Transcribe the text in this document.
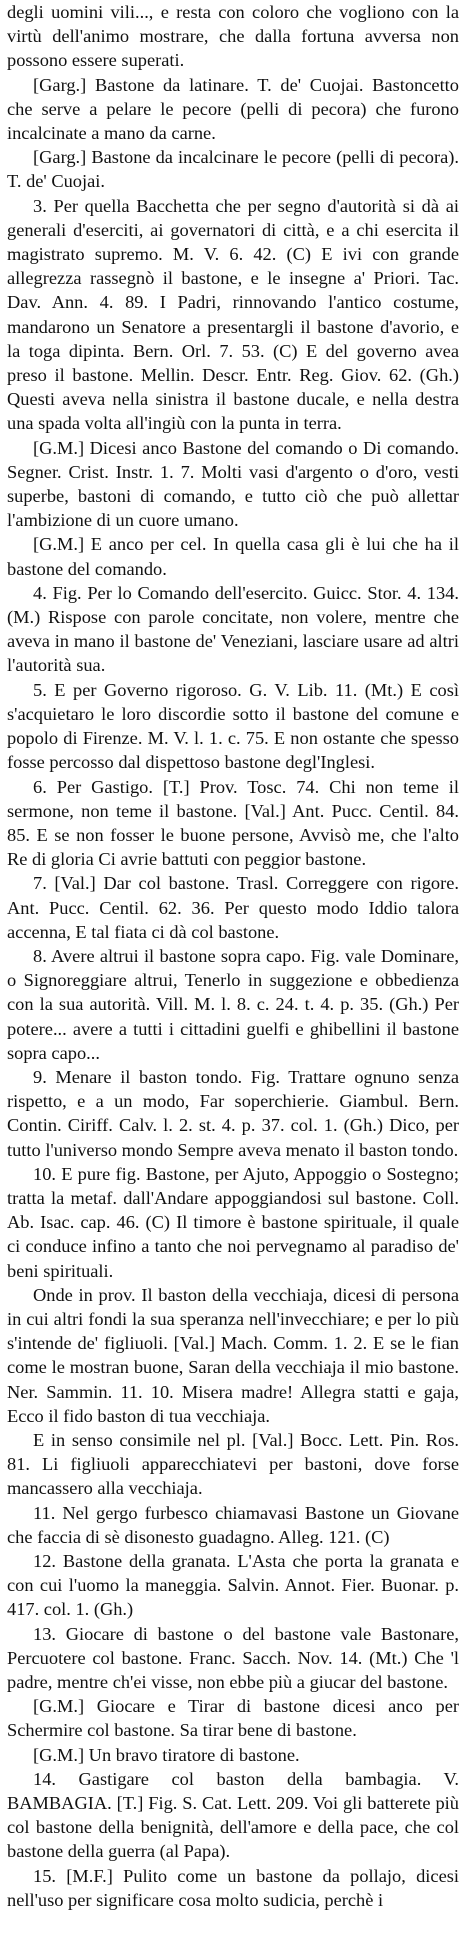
degli uomini vili..., e resta con coloro che vogliono con la virtù dell'animo mostrare, che dalla fortuna avversa non possono essere superati.

[Garg.] Bastone da latinare. T. de' Cuojai. Bastoncetto che serve a pelare le pecore (pelli di pecora) che furono incalcinate a mano da carne.

[Garg.] Bastone da incalcinare le pecore (pelli di pecora). T. de' Cuojai.

3. Per quella Bacchetta che per segno d'autorità si dà ai generali d'eserciti, ai governatori di città, e a chi esercita il magistrato supremo. M. V. 6. 42. (C) E ivi con grande allegrezza rassegnò il bastone, e le insegne a' Priori. Tac. Dav. Ann. 4. 89. I Padri, rinnovando l'antico costume, mandarono un Senatore a presentargli il bastone d'avorio, e la toga dipinta. Bern. Orl. 7. 53. (C) E del governo avea preso il bastone. Mellin. Descr. Entr. Reg. Giov. 62. (Gh.) Questi aveva nella sinistra il bastone ducale, e nella destra una spada volta all'ingiù con la punta in terra.

[G.M.] Dicesi anco Bastone del comando o Di comando. Segner. Crist. Instr. 1. 7. Molti vasi d'argento o d'oro, vesti superbe, bastoni di comando, e tutto ciò che può allettar l'ambizione di un cuore umano.

[G.M.] E anco per cel. In quella casa gli è lui che ha il bastone del comando.

4. Fig. Per lo Comando dell'esercito. Guicc. Stor. 4. 134. (M.) Rispose con parole concitate, non volere, mentre che aveva in mano il bastone de' Veneziani, lasciare usare ad altri l'autorità sua.

5. E per Governo rigoroso. G. V. Lib. 11. (Mt.) E così s'acquietaro le loro discordie sotto il bastone del comune e popolo di Firenze. M. V. l. 1. c. 75. E non ostante che spesso fosse percosso dal dispettoso bastone degl'Inglesi.

6. Per Gastigo. [T.] Prov. Tosc. 74. Chi non teme il sermone, non teme il bastone. [Val.] Ant. Pucc. Centil. 84. 85. E se non fosser le buone persone, Avvisò me, che l'alto Re di gloria Ci avrie battuti con peggior bastone.

7. [Val.] Dar col bastone. Trasl. Correggere con rigore. Ant. Pucc. Centil. 62. 36. Per questo modo Iddio talora accenna, E tal fiata ci dà col bastone.

8. Avere altrui il bastone sopra capo. Fig. vale Dominare, o Signoreggiare altrui, Tenerlo in suggezione e obbedienza con la sua autorità. Vill. M. l. 8. c. 24. t. 4. p. 35. (Gh.) Per potere... avere a tutti i cittadini guelfi e ghibellini il bastone sopra capo...

9. Menare il baston tondo. Fig. Trattare ognuno senza rispetto, e a un modo, Far soperchierie. Giambul. Bern. Contin. Ciriff. Calv. l. 2. st. 4. p. 37. col. 1. (Gh.) Dico, per tutto l'universo mondo Sempre aveva menato il baston tondo.

10. E pure fig. Bastone, per Ajuto, Appoggio o Sostegno; tratta la metaf. dall'Andare appoggiandosi sul bastone. Coll. Ab. Isac. cap. 46. (C) Il timore è bastone spirituale, il quale ci conduce infino a tanto che noi pervegnamo al paradiso de' beni spirituali.

Onde in prov. Il baston della vecchiaja, dicesi di persona in cui altri fondi la sua speranza nell'invecchiare; e per lo più s'intende de' figliuoli. [Val.] Mach. Comm. 1. 2. E se le fian come le mostran buone, Saran della vecchiaja il mio bastone. Ner. Sammin. 11. 10. Misera madre! Allegra statti e gaja, Ecco il fido baston di tua vecchiaja.

E in senso consimile nel pl. [Val.] Bocc. Lett. Pin. Ros. 81. Li figliuoli apparecchiatevi per bastoni, dove forse mancassero alla vecchiaja.

11. Nel gergo furbesco chiamavasi Bastone un Giovane che faccia di sè disonesto guadagno. Alleg. 121. (C)

12. Bastone della granata. L'Asta che porta la granata e con cui l'uomo la maneggia. Salvin. Annot. Fier. Buonar. p. 417. col. 1. (Gh.)

13. Giocare di bastone o del bastone vale Bastonare, Percuotere col bastone. Franc. Sacch. Nov. 14. (Mt.) Che 'l padre, mentre ch'ei visse, non ebbe più a giucar del bastone.

[G.M.] Giocare e Tirar di bastone dicesi anco per Schermire col bastone. Sa tirar bene di bastone.

[G.M.] Un bravo tiratore di bastone.

14. Gastigare col baston della bambagia. V. BAMBAGIA. [T.] Fig. S. Cat. Lett. 209. Voi gli batterete più col bastone della benignità, dell'amore e della pace, che col bastone della guerra (al Papa).

15. [M.F.] Pulito come un bastone da pollajo, dicesi nell'uso per significare cosa molto sudicia, perchè i
